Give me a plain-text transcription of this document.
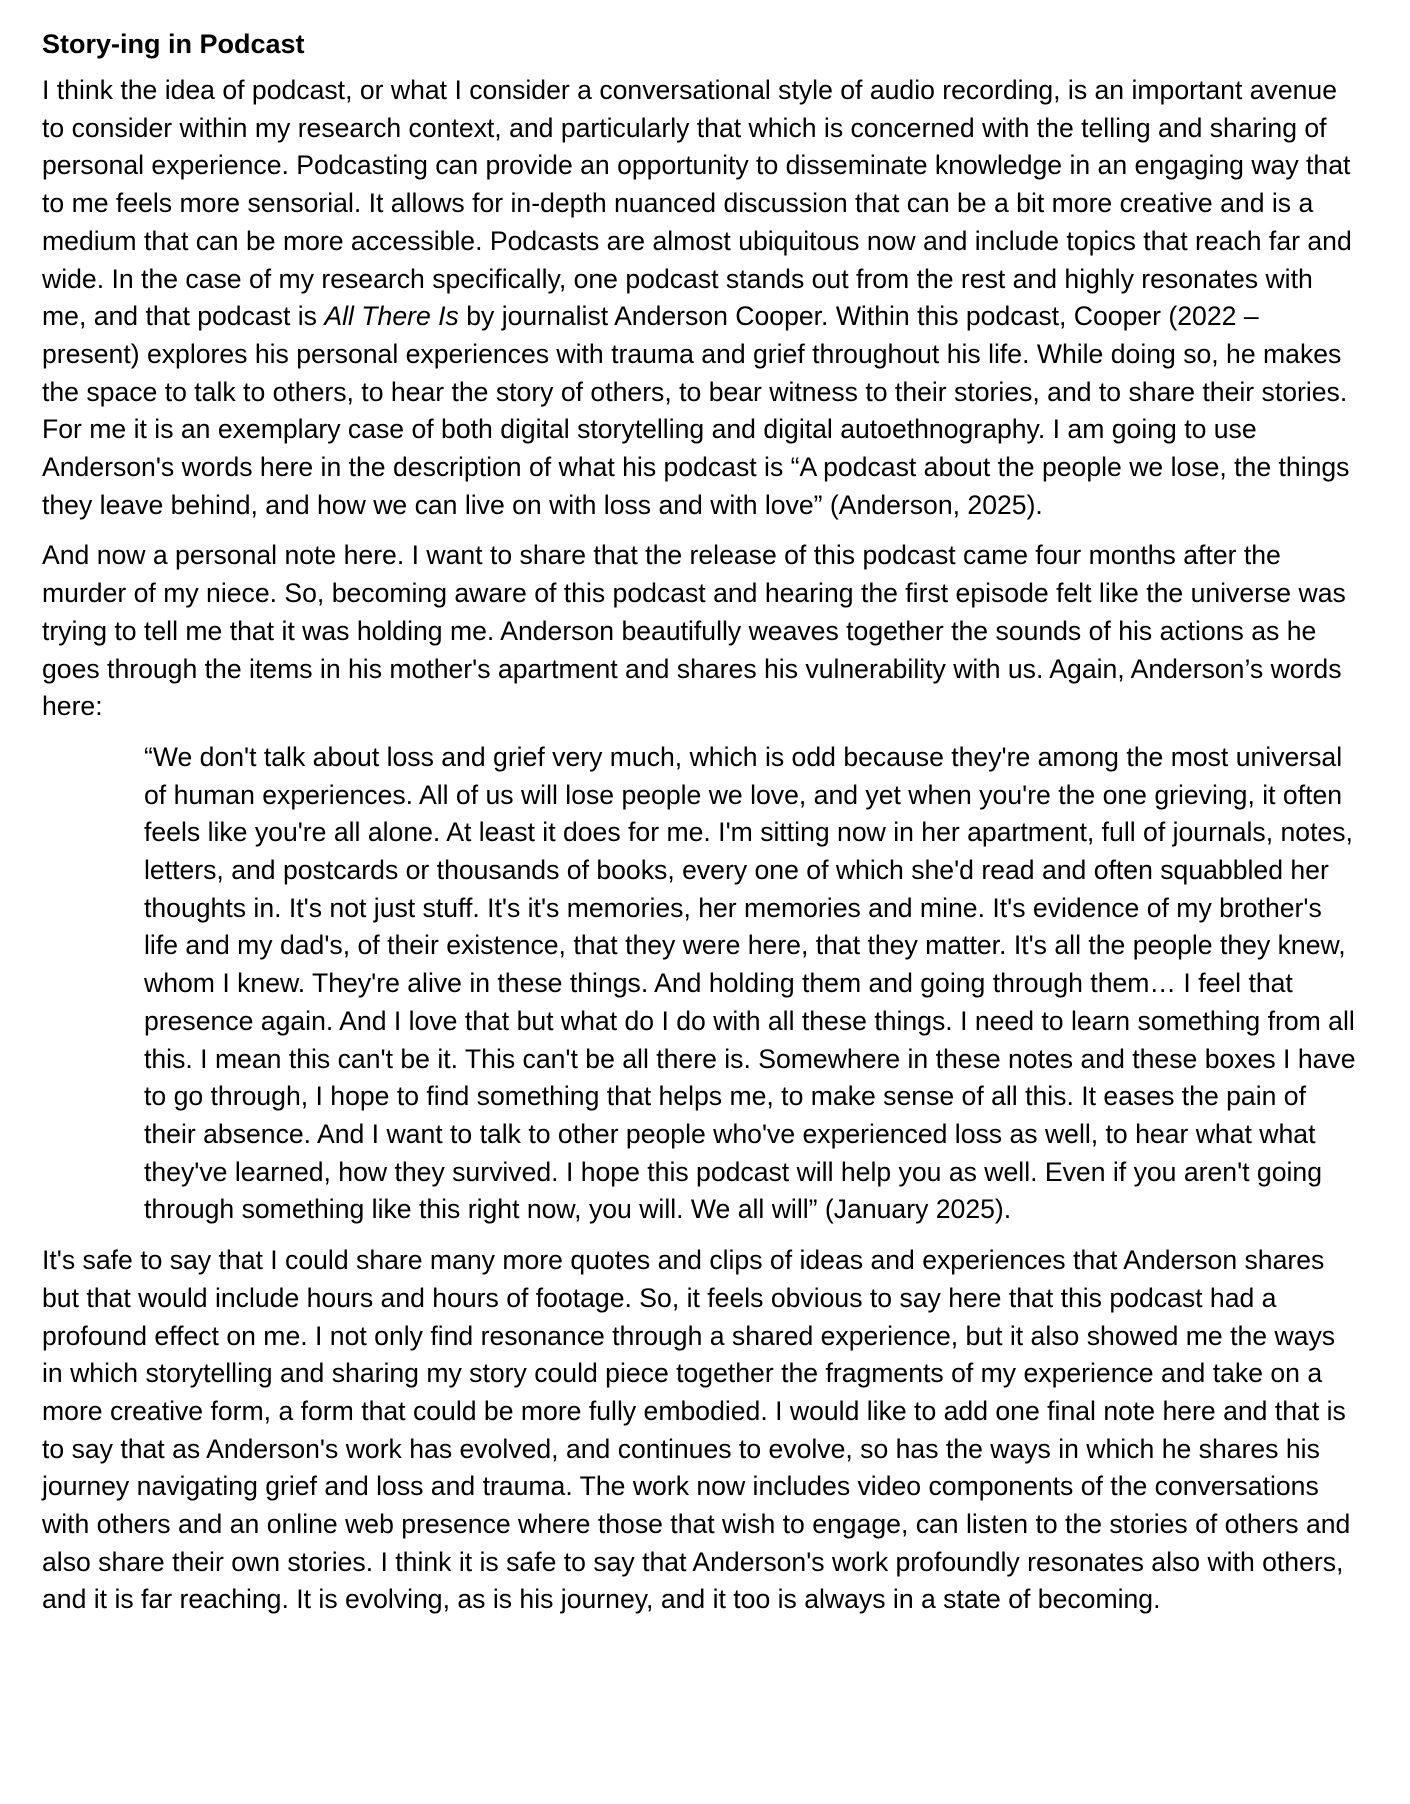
Story-ing in Podcast

I think the idea of podcast, or what I consider a conversational style of audio recording, is an important avenue to consider within my research context, and particularly that which is concerned with the telling and sharing of personal experience. Podcasting can provide an opportunity to disseminate knowledge in an engaging way that to me feels more sensorial. It allows for in-depth nuanced discussion that can be a bit more creative and is a medium that can be more accessible. Podcasts are almost ubiquitous now and include topics that reach far and wide. In the case of my research specifically, one podcast stands out from the rest and highly resonates with me, and that podcast is All There Is by journalist Anderson Cooper. Within this podcast, Cooper (2022 – present) explores his personal experiences with trauma and grief throughout his life. While doing so, he makes the space to talk to others, to hear the story of others, to bear witness to their stories, and to share their stories. For me it is an exemplary case of both digital storytelling and digital autoethnography. I am going to use Anderson's words here in the description of what his podcast is “A podcast about the people we lose, the things they leave behind, and how we can live on with loss and with love” (Anderson, 2025).

And now a personal note here. I want to share that the release of this podcast came four months after the murder of my niece. So, becoming aware of this podcast and hearing the first episode felt like the universe was trying to tell me that it was holding me. Anderson beautifully weaves together the sounds of his actions as he goes through the items in his mother's apartment and shares his vulnerability with us. Again, Anderson’s words here:

“We don't talk about loss and grief very much, which is odd because they're among the most universal of human experiences. All of us will lose people we love, and yet when you're the one grieving, it often feels like you're all alone. At least it does for me. I'm sitting now in her apartment, full of journals, notes, letters, and postcards or thousands of books, every one of which she'd read and often squabbled her thoughts in. It's not just stuff. It's it's memories, her memories and mine. It's evidence of my brother's life and my dad's, of their existence, that they were here, that they matter. It's all the people they knew, whom I knew. They're alive in these things. And holding them and going through them… I feel that presence again. And I love that but what do I do with all these things. I need to learn something from all this. I mean this can't be it. This can't be all there is. Somewhere in these notes and these boxes I have to go through, I hope to find something that helps me, to make sense of all this. It eases the pain of their absence. And I want to talk to other people who've experienced loss as well, to hear what what they've learned, how they survived. I hope this podcast will help you as well. Even if you aren't going through something like this right now, you will. We all will” (January 2025).

It's safe to say that I could share many more quotes and clips of ideas and experiences that Anderson shares but that would include hours and hours of footage. So, it feels obvious to say here that this podcast had a profound effect on me. I not only find resonance through a shared experience, but it also showed me the ways in which storytelling and sharing my story could piece together the fragments of my experience and take on a more creative form, a form that could be more fully embodied. I would like to add one final note here and that is to say that as Anderson's work has evolved, and continues to evolve, so has the ways in which he shares his journey navigating grief and loss and trauma. The work now includes video components of the conversations with others and an online web presence where those that wish to engage, can listen to the stories of others and also share their own stories. I think it is safe to say that Anderson's work profoundly resonates also with others, and it is far reaching. It is evolving, as is his journey, and it too is always in a state of becoming.
